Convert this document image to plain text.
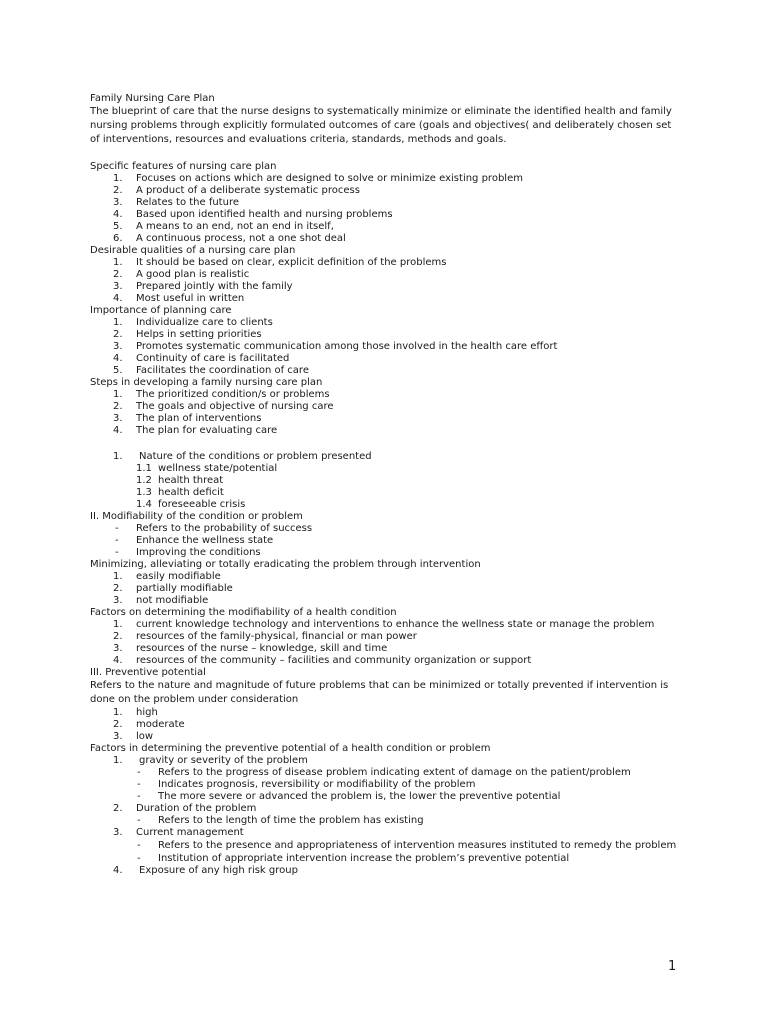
Family Nursing Care Plan

The blueprint of care that the nurse designs to systematically minimize or eliminate the identified health and family nursing problems through explicitly formulated outcomes of care (goals and objectives( and deliberately chosen set of interventions, resources and evaluations criteria, standards, methods and goals.

Specific features of nursing care plan

1. Focuses on actions which are designed to solve or minimize existing problem
2. A product of a deliberate systematic process
3. Relates to the future
4. Based upon identified health and nursing problems
5. A means to an end, not an end in itself,
6. A continuous process, not a one shot deal

Desirable qualities of a nursing care plan

1. It should be based on clear, explicit definition of the problems
2. A good plan is realistic
3. Prepared jointly with the family
4. Most useful in written

Importance of planning care

1. Individualize care to clients
2. Helps in setting priorities
3. Promotes systematic communication among those involved in the health care effort
4. Continuity of care is facilitated
5. Facilitates the coordination of care

Steps in developing a family nursing care plan

1. The prioritized condition/s or problems
2. The goals and objective of nursing care
3. The plan of interventions
4. The plan for evaluating care
1. Nature of the conditions or problem presented
1.1 wellness state/potential
1.2 health threat
1.3 health deficit
1.4 foreseeable crisis

II. Modifiability of the condition or problem

- Refers to the probability of success
- Enhance the wellness state
- Improving the conditions

Minimizing, alleviating or totally eradicating the problem through intervention

1. easily modifiable
2. partially modifiable
3. not modifiable

Factors on determining the modifiability of a health condition

1. current knowledge technology and interventions to enhance the wellness state or manage the problem
2. resources of the family-physical, financial or man power
3. resources of the nurse – knowledge, skill and time
4. resources of the community – facilities and community organization or support

III. Preventive potential

Refers to the nature and magnitude of future problems that can be minimized or totally prevented if intervention is done on the problem under consideration

1. high
2. moderate
3. low

Factors in determining the preventive potential of a health condition or problem

1. gravity or severity of the problem
- Refers to the progress of disease problem indicating extent of damage on the patient/problem
- Indicates prognosis, reversibility or modifiability of the problem
- The more severe or advanced the problem is, the lower the preventive potential
2. Duration of the problem
- Refers to the length of time the problem has existing
3. Current management
- Refers to the presence and appropriateness of intervention measures instituted to remedy the problem
- Institution of appropriate intervention increase the problem’s preventive potential
4. Exposure of any high risk group
1
